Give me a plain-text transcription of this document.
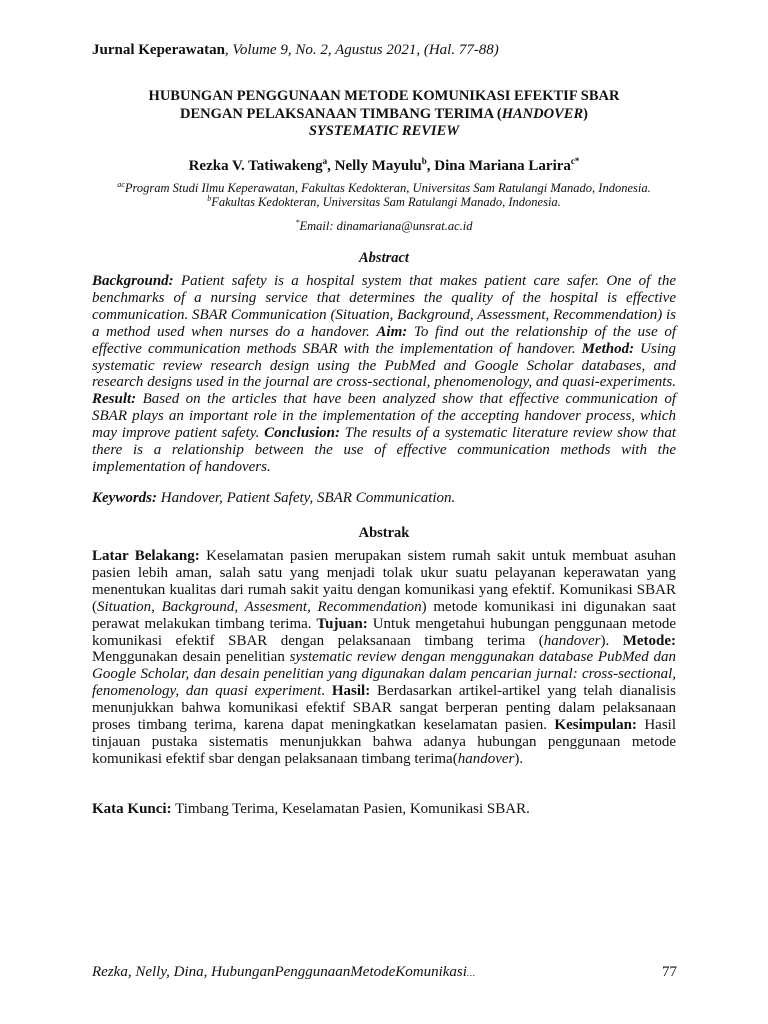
Jurnal Keperawatan, Volume 9, No. 2, Agustus 2021, (Hal. 77-88)
HUBUNGAN PENGGUNAAN METODE KOMUNIKASI EFEKTIF SBAR
DENGAN PELAKSANAAN TIMBANG TERIMA (HANDOVER)
SYSTEMATIC REVIEW
Rezka V. Tatiwakeng$^a$, Nelly Mayulu$^b$, Dina Mariana Larira$^{c*}$
$^{ac}$Program Studi Ilmu Keperawatan, Fakultas Kedokteran, Universitas Sam Ratulangi Manado, Indonesia.
$^b$Fakultas Kedokteran, Universitas Sam Ratulangi Manado, Indonesia.
*Email: dinamariana@unsrat.ac.id
Abstract
Background: Patient safety is a hospital system that makes patient care safer. One of the benchmarks of a nursing service that determines the quality of the hospital is effective communication. SBAR Communication (Situation, Background, Assessment, Recommendation) is a method used when nurses do a handover. Aim: To find out the relationship of the use of effective communication methods SBAR with the implementation of handover. Method: Using systematic review research design using the PubMed and Google Scholar databases, and research designs used in the journal are cross-sectional, phenomenology, and quasi-experiments. Result: Based on the articles that have been analyzed show that effective communication of SBAR plays an important role in the implementation of the accepting handover process, which may improve patient safety. Conclusion: The results of a systematic literature review show that there is a relationship between the use of effective communication methods with the implementation of handovers.
Keywords: Handover, Patient Safety, SBAR Communication.
Abstrak
Latar Belakang: Keselamatan pasien merupakan sistem rumah sakit untuk membuat asuhan pasien lebih aman, salah satu yang menjadi tolak ukur suatu pelayanan keperawatan yang menentukan kualitas dari rumah sakit yaitu dengan komunikasi yang efektif. Komunikasi SBAR (Situation, Background, Assesment, Recommendation) metode komunikasi ini digunakan saat perawat melakukan timbang terima. Tujuan: Untuk mengetahui hubungan penggunaan metode komunikasi efektif SBAR dengan pelaksanaan timbang terima (handover). Metode: Menggunakan desain penelitian systematic review dengan menggunakan database PubMed dan Google Scholar, dan desain penelitian yang digunakan dalam pencarian jurnal: cross-sectional, fenomenology, dan quasi experiment. Hasil: Berdasarkan artikel-artikel yang telah dianalisis menunjukkan bahwa komunikasi efektif SBAR sangat berperan penting dalam pelaksanaan proses timbang terima, karena dapat meningkatkan keselamatan pasien. Kesimpulan: Hasil tinjauan pustaka sistematis menunjukkan bahwa adanya hubungan penggunaan metode komunikasi efektif sbar dengan pelaksanaan timbang terima(handover).
Kata Kunci: Timbang Terima, Keselamatan Pasien, Komunikasi SBAR.
Rezka, Nelly, Dina, HubunganPenggunaanMetodeKomunikasi…	77
